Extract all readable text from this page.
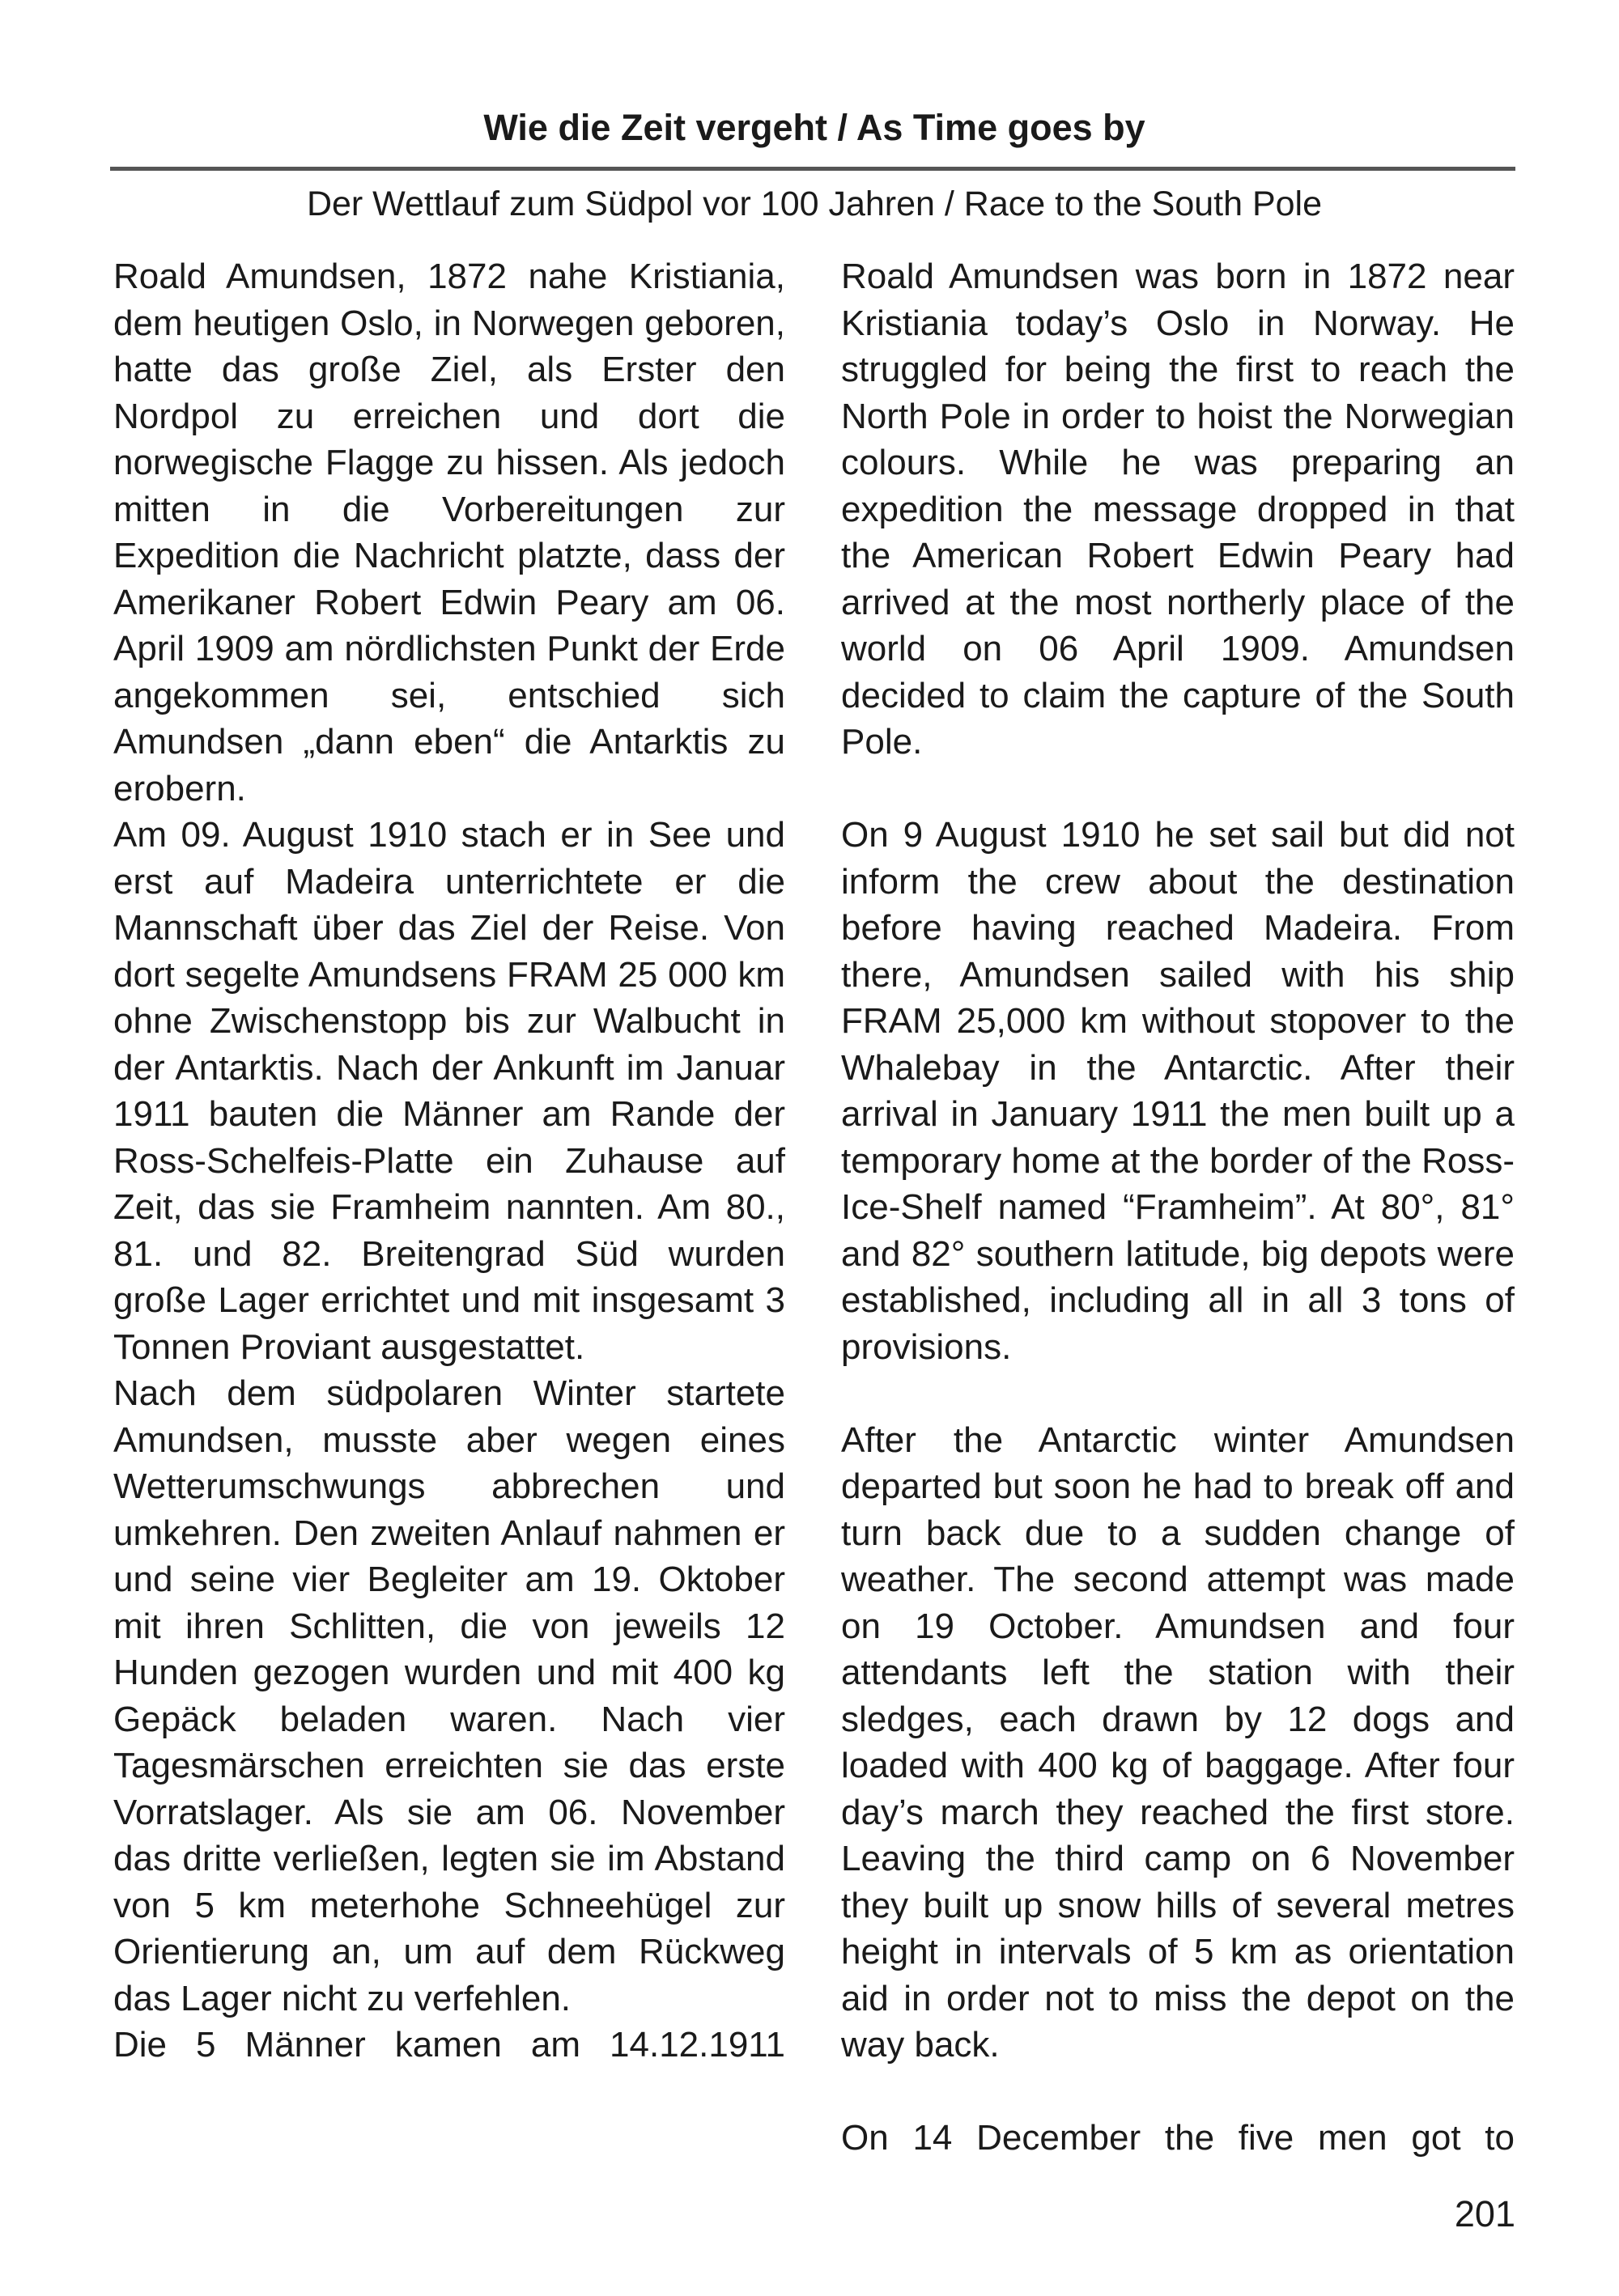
Wie die Zeit vergeht / As Time goes by
Der Wettlauf zum Südpol vor 100 Jahren / Race to the South Pole

Roald Amundsen, 1872 nahe Kristiania, dem heutigen Oslo, in Norwegen geboren, hatte das große Ziel, als Erster den Nordpol zu erreichen und dort die norwegische Flagge zu hissen. Als jedoch mitten in die Vorbereitungen zur Expedition die Nachricht platzte, dass der Amerikaner Robert Edwin Peary am 06. April 1909 am nördlichsten Punkt der Erde angekommen sei, entschied sich Amundsen „dann eben“ die Antarktis zu erobern.

Am 09. August 1910 stach er in See und erst auf Madeira unterrichtete er die Mannschaft über das Ziel der Reise. Von dort segelte Amundsens FRAM 25 000 km ohne Zwischenstopp bis zur Walbucht in der Antarktis. Nach der Ankunft im Januar 1911 bauten die Männer am Rande der Ross-Schelfeis-Platte ein Zuhause auf Zeit, das sie Framheim nannten. Am 80., 81. und 82. Breitengrad Süd wurden große Lager errichtet und mit insgesamt 3 Tonnen Proviant ausgestattet.

Nach dem südpolaren Winter startete Amundsen, musste aber wegen eines Wetterumschwungs abbrechen und umkehren. Den zweiten Anlauf nahmen er und seine vier Begleiter am 19. Oktober mit ihren Schlitten, die von jeweils 12 Hunden gezogen wurden und mit 400 kg Gepäck beladen waren. Nach vier Tagesmärschen erreichten sie das erste Vorratslager. Als sie am 06. November das dritte verließen, legten sie im Abstand von 5 km meterhohe Schneehügel zur Orientierung an, um auf dem Rückweg das Lager nicht zu verfehlen.

Die 5 Männer kamen am 14.12.1911

Roald Amundsen was born in 1872 near Kristiania today’s Oslo in Norway. He struggled for being the first to reach the North Pole in order to hoist the Norwegian colours. While he was preparing an expedition the message dropped in that the American Robert Edwin Peary had arrived at the most northerly place of the world on 06 April 1909. Amundsen decided to claim the capture of the South Pole.

On 9 August 1910 he set sail but did not inform the crew about the destination before having reached Madeira. From there, Amundsen sailed with his ship FRAM 25,000 km without stopover to the Whalebay in the Antarctic. After their arrival in January 1911 the men built up a temporary home at the border of the Ross-Ice-Shelf named “Framheim”. At 80°, 81° and 82° southern latitude, big depots were established, including all in all 3 tons of provisions.

After the Antarctic winter Amundsen departed but soon he had to break off and turn back due to a sudden change of weather. The second attempt was made on 19 October. Amundsen and four attendants left the station with their sledges, each drawn by 12 dogs and loaded with 400 kg of baggage. After four day’s march they reached the first store. Leaving the third camp on 6 November they built up snow hills of several metres height in intervals of 5 km as orientation aid in order not to miss the depot on the way back.

On 14 December the five men got to

201
